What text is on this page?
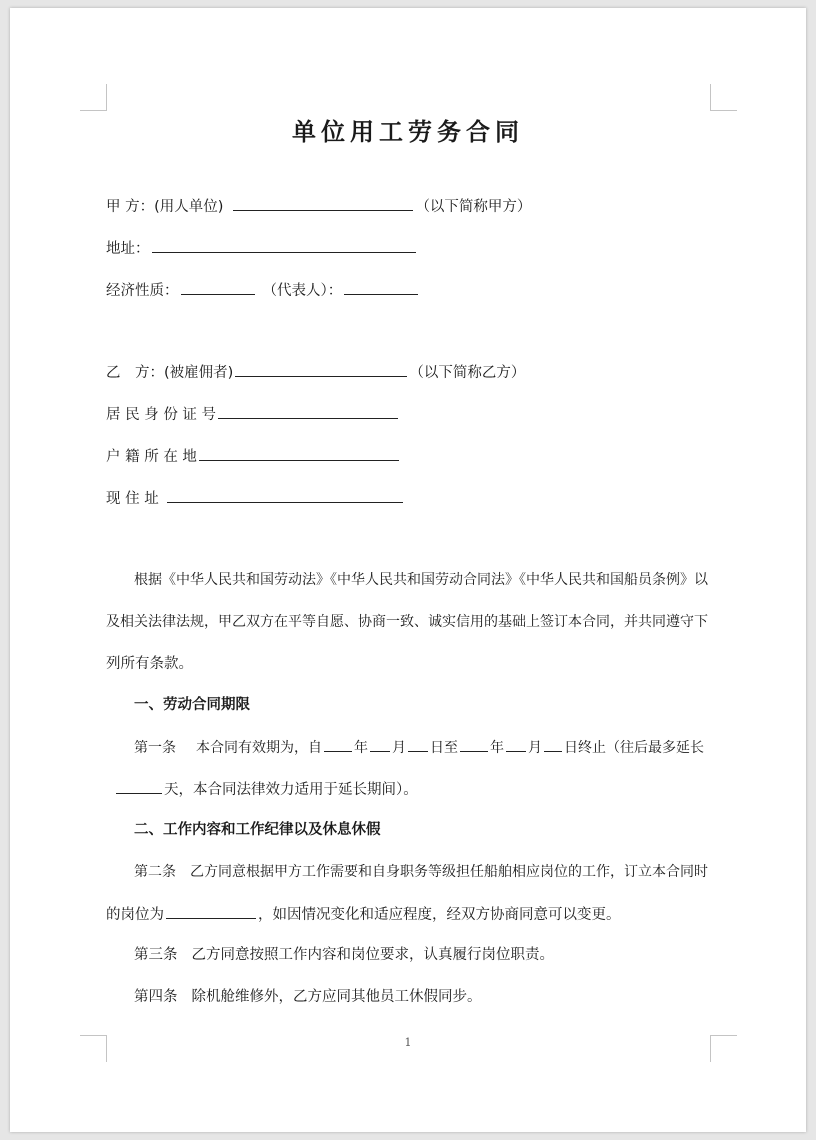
单位用工劳务合同
甲 方：(用人单位)	（以下简称甲方）
地址：
经济性质：	（代表人）：
乙　方：(被雇佣者)	（以下简称乙方）
居 民 身 份 证 号
户 籍 所 在 地
现 住 址
根据《中华人民共和国劳动法》《中华人民共和国劳动合同法》《中华人民共和国船员条例》以
及相关法律法规，甲乙双方在平等自愿、协商一致、诚实信用的基础上签订本合同，并共同遵守下
列所有条款。
一、劳动合同期限
第一条 本合同有效期为，自 年 月 日至 年 月 日终止（往后最多延长
天，本合同法律效力适用于延长期间）。
二、工作内容和工作纪律以及休息休假
第二条 乙方同意根据甲方工作需要和自身职务等级担任船舶相应岗位的工作，订立本合同时
的岗位为	，如因情况变化和适应程度，经双方协商同意可以变更。
第三条 乙方同意按照工作内容和岗位要求，认真履行岗位职责。
第四条 除机舱维修外，乙方应同其他员工休假同步。
1
